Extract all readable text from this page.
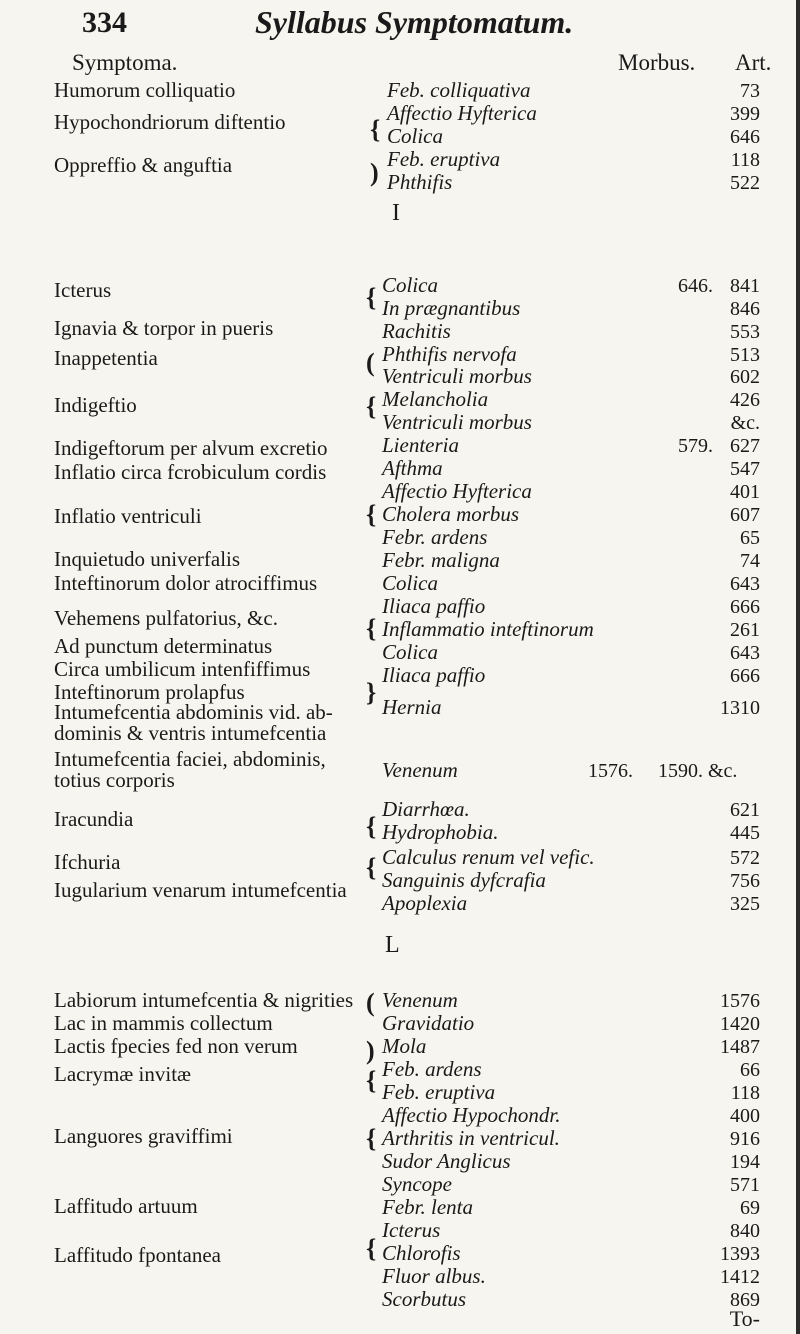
334	Syllabus Symptomatum.
Symptoma.	Morbus. Art.
Humorum colliquatio
Hypochondriorum diftentio
Oppreffio & anguftia
{
)
Feb. colliquativa
Affectio Hyfterica
Colica
Feb. eruptiva
Phthifis
73
399
646
118
522
I
Icterus
Ignavia & torpor in pueris
Inappetentia
Indigeftio
Indigeftorum per alvum excretio
Inflatio circa fcrobiculum cordis
Inflatio ventriculi
Inquietudo univerfalis
Inteftinorum dolor atrociffimus
Vehemens pulfatorius, &c.
Ad punctum determinatus
Circa umbilicum intenfiffimus
Inteftinorum prolapfus
Intumefcentia abdominis vid. ab-
dominis & ventris intumefcentia
Intumefcentia faciei, abdominis,
totius corporis
Iracundia
Ifchuria
Iugularium venarum intumefcentia
{
(
{
{
{
}
{
{
Colica
In prægnantibus
Rachitis
Phthifis nervofa
Ventriculi morbus
Melancholia
Ventriculi morbus
Lienteria
Afthma
Affectio Hyfterica
Cholera morbus
Febr. ardens
Febr. maligna
Colica
Iliaca paffio
Inflammatio inteftinorum
Colica
Iliaca paffio
Hernia
Venenum
Diarrhœa.
Hydrophobia.
Calculus renum vel vefic.
Sanguinis dyfcrafia
Apoplexia
646.
579.
1576. 1590. &c.
841
846
553
513
602
426
&c.
627
547
401
607
65
74
643
666
261
643
666
1310
621
445
572
756
325
L
Labiorum intumefcentia & nigrities
Lac in mammis collectum
Lactis fpecies fed non verum
Lacrymæ invitæ
Languores graviffimi
Laffitudo artuum
Laffitudo fpontanea
(
)
{
{
{
Venenum
Gravidatio
Mola
Feb. ardens
Feb. eruptiva
Affectio Hypochondr.
Arthritis in ventricul.
Sudor Anglicus
Syncope
Febr. lenta
Icterus
Chlorofis
Fluor albus.
Scorbutus
1576
1420
1487
66
118
400
916
194
571
69
840
1393
1412
869
To-
